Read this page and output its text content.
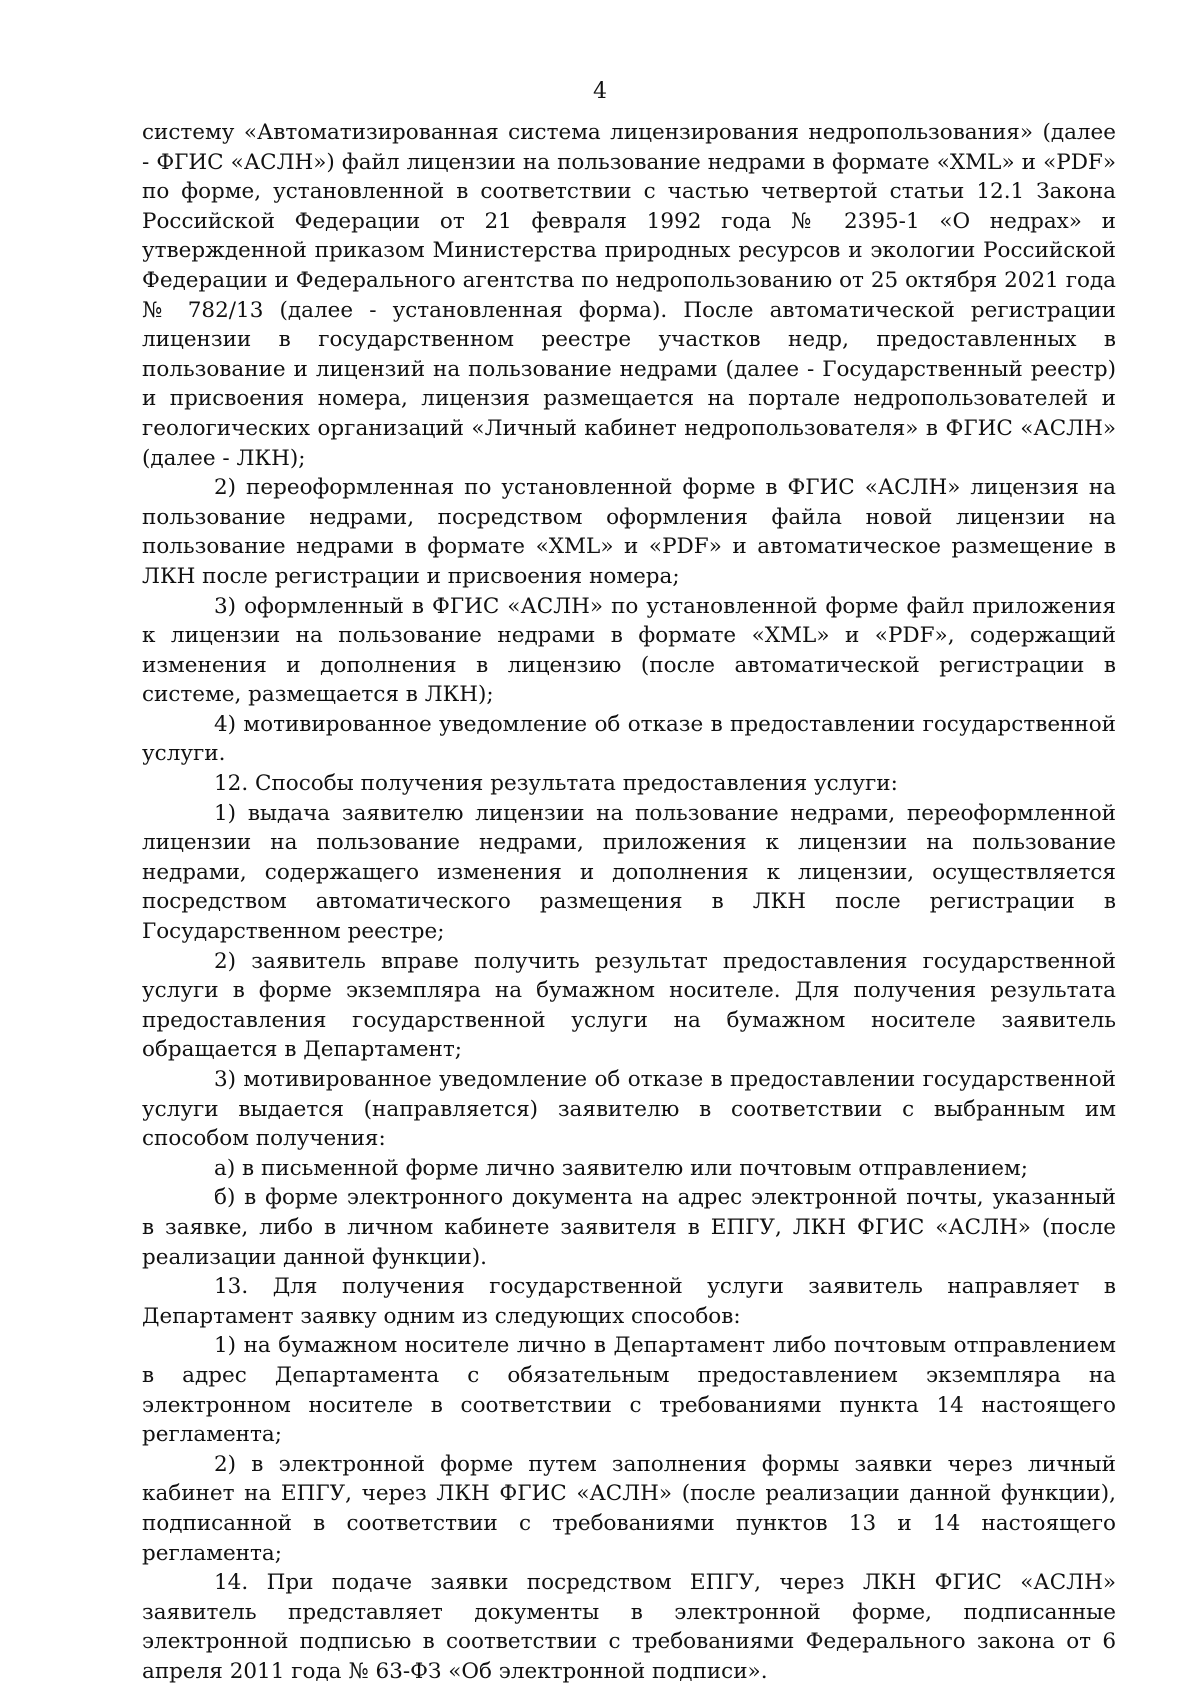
4

систему «Автоматизированная система лицензирования недропользования» (далее - ФГИС «АСЛН») файл лицензии на пользование недрами в формате «XML» и «PDF» по форме, установленной в соответствии с частью четвертой статьи 12.1 Закона Российской Федерации от 21 февраля 1992 года № 2395-1 «О недрах» и утвержденной приказом Министерства природных ресурсов и экологии Российской Федерации и Федерального агентства по недропользованию от 25 октября 2021 года № 782/13 (далее - установленная форма). После автоматической регистрации лицензии в государственном реестре участков недр, предоставленных в пользование и лицензий на пользование недрами (далее - Государственный реестр) и присвоения номера, лицензия размещается на портале недропользователей и геологических организаций «Личный кабинет недропользователя» в ФГИС «АСЛН» (далее - ЛКН);

2) переоформленная по установленной форме в ФГИС «АСЛН» лицензия на пользование недрами, посредством оформления файла новой лицензии на пользование недрами в формате «XML» и «PDF» и автоматическое размещение в ЛКН после регистрации и присвоения номера;

3) оформленный в ФГИС «АСЛН» по установленной форме файл приложения к лицензии на пользование недрами в формате «XML» и «PDF», содержащий изменения и дополнения в лицензию (после автоматической регистрации в системе, размещается в ЛКН);

4) мотивированное уведомление об отказе в предоставлении государственной услуги.

12. Способы получения результата предоставления услуги:

1) выдача заявителю лицензии на пользование недрами, переоформленной лицензии на пользование недрами, приложения к лицензии на пользование недрами, содержащего изменения и дополнения к лицензии, осуществляется посредством автоматического размещения в ЛКН после регистрации в Государственном реестре;

2) заявитель вправе получить результат предоставления государственной услуги в форме экземпляра на бумажном носителе. Для получения результата предоставления государственной услуги на бумажном носителе заявитель обращается в Департамент;

3) мотивированное уведомление об отказе в предоставлении государственной услуги выдается (направляется) заявителю в соответствии с выбранным им способом получения:

а) в письменной форме лично заявителю или почтовым отправлением;

б) в форме электронного документа на адрес электронной почты, указанный в заявке, либо в личном кабинете заявителя в ЕПГУ, ЛКН ФГИС «АСЛН» (после реализации данной функции).

13. Для получения государственной услуги заявитель направляет в Департамент заявку одним из следующих способов:

1) на бумажном носителе лично в Департамент либо почтовым отправлением в адрес Департамента с обязательным предоставлением экземпляра на электронном носителе в соответствии с требованиями пункта 14 настоящего регламента;

2) в электронной форме путем заполнения формы заявки через личный кабинет на ЕПГУ, через ЛКН ФГИС «АСЛН» (после реализации данной функции), подписанной в соответствии с требованиями пунктов 13 и 14 настоящего регламента;

14. При подаче заявки посредством ЕПГУ, через ЛКН ФГИС «АСЛН» заявитель представляет документы в электронной форме, подписанные электронной подписью в соответствии с требованиями Федерального закона от 6 апреля 2011 года № 63-ФЗ «Об электронной подписи».
